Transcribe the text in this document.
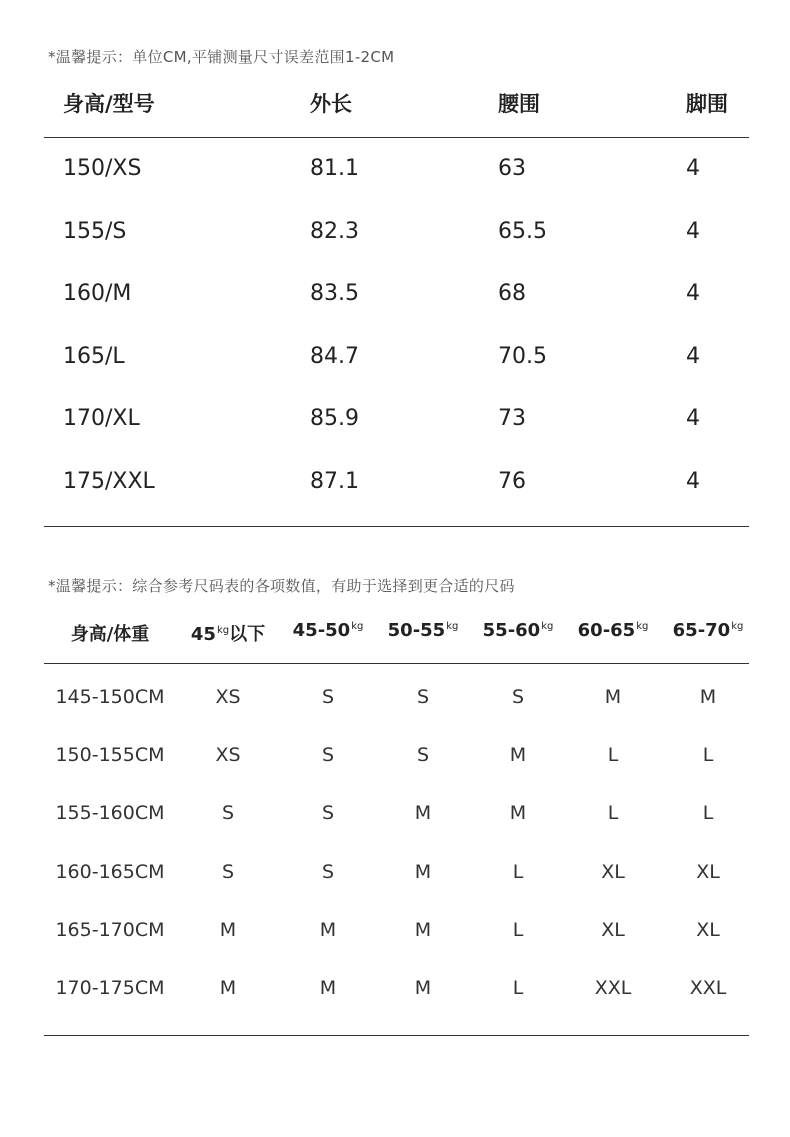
*温馨提示：单位CM,平铺测量尺寸误差范围1-2CM
身高/型号	外长	腰围	脚围
150/XS	81.1	63	4
155/S	82.3	65.5	4
160/M	83.5	68	4
165/L	84.7	70.5	4
170/XL	85.9	73	4
175/XXL	87.1	76	4
*温馨提示：综合参考尺码表的各项数值，有助于选择到更合适的尺码
身高/体重	$45^{kg}$以下	$45-50^{kg}$	$50-55^{kg}$	$55-60^{kg}$	$60-65^{kg}$	$65-70^{kg}$
145-150CM	XS	S	S	S	M	M
150-155CM	XS	S	S	M	L	L
155-160CM	S	S	M	M	L	L
160-165CM	S	S	M	L	XL	XL
165-170CM	M	M	M	L	XL	XL
170-175CM	M	M	M	L	XXL	XXL
